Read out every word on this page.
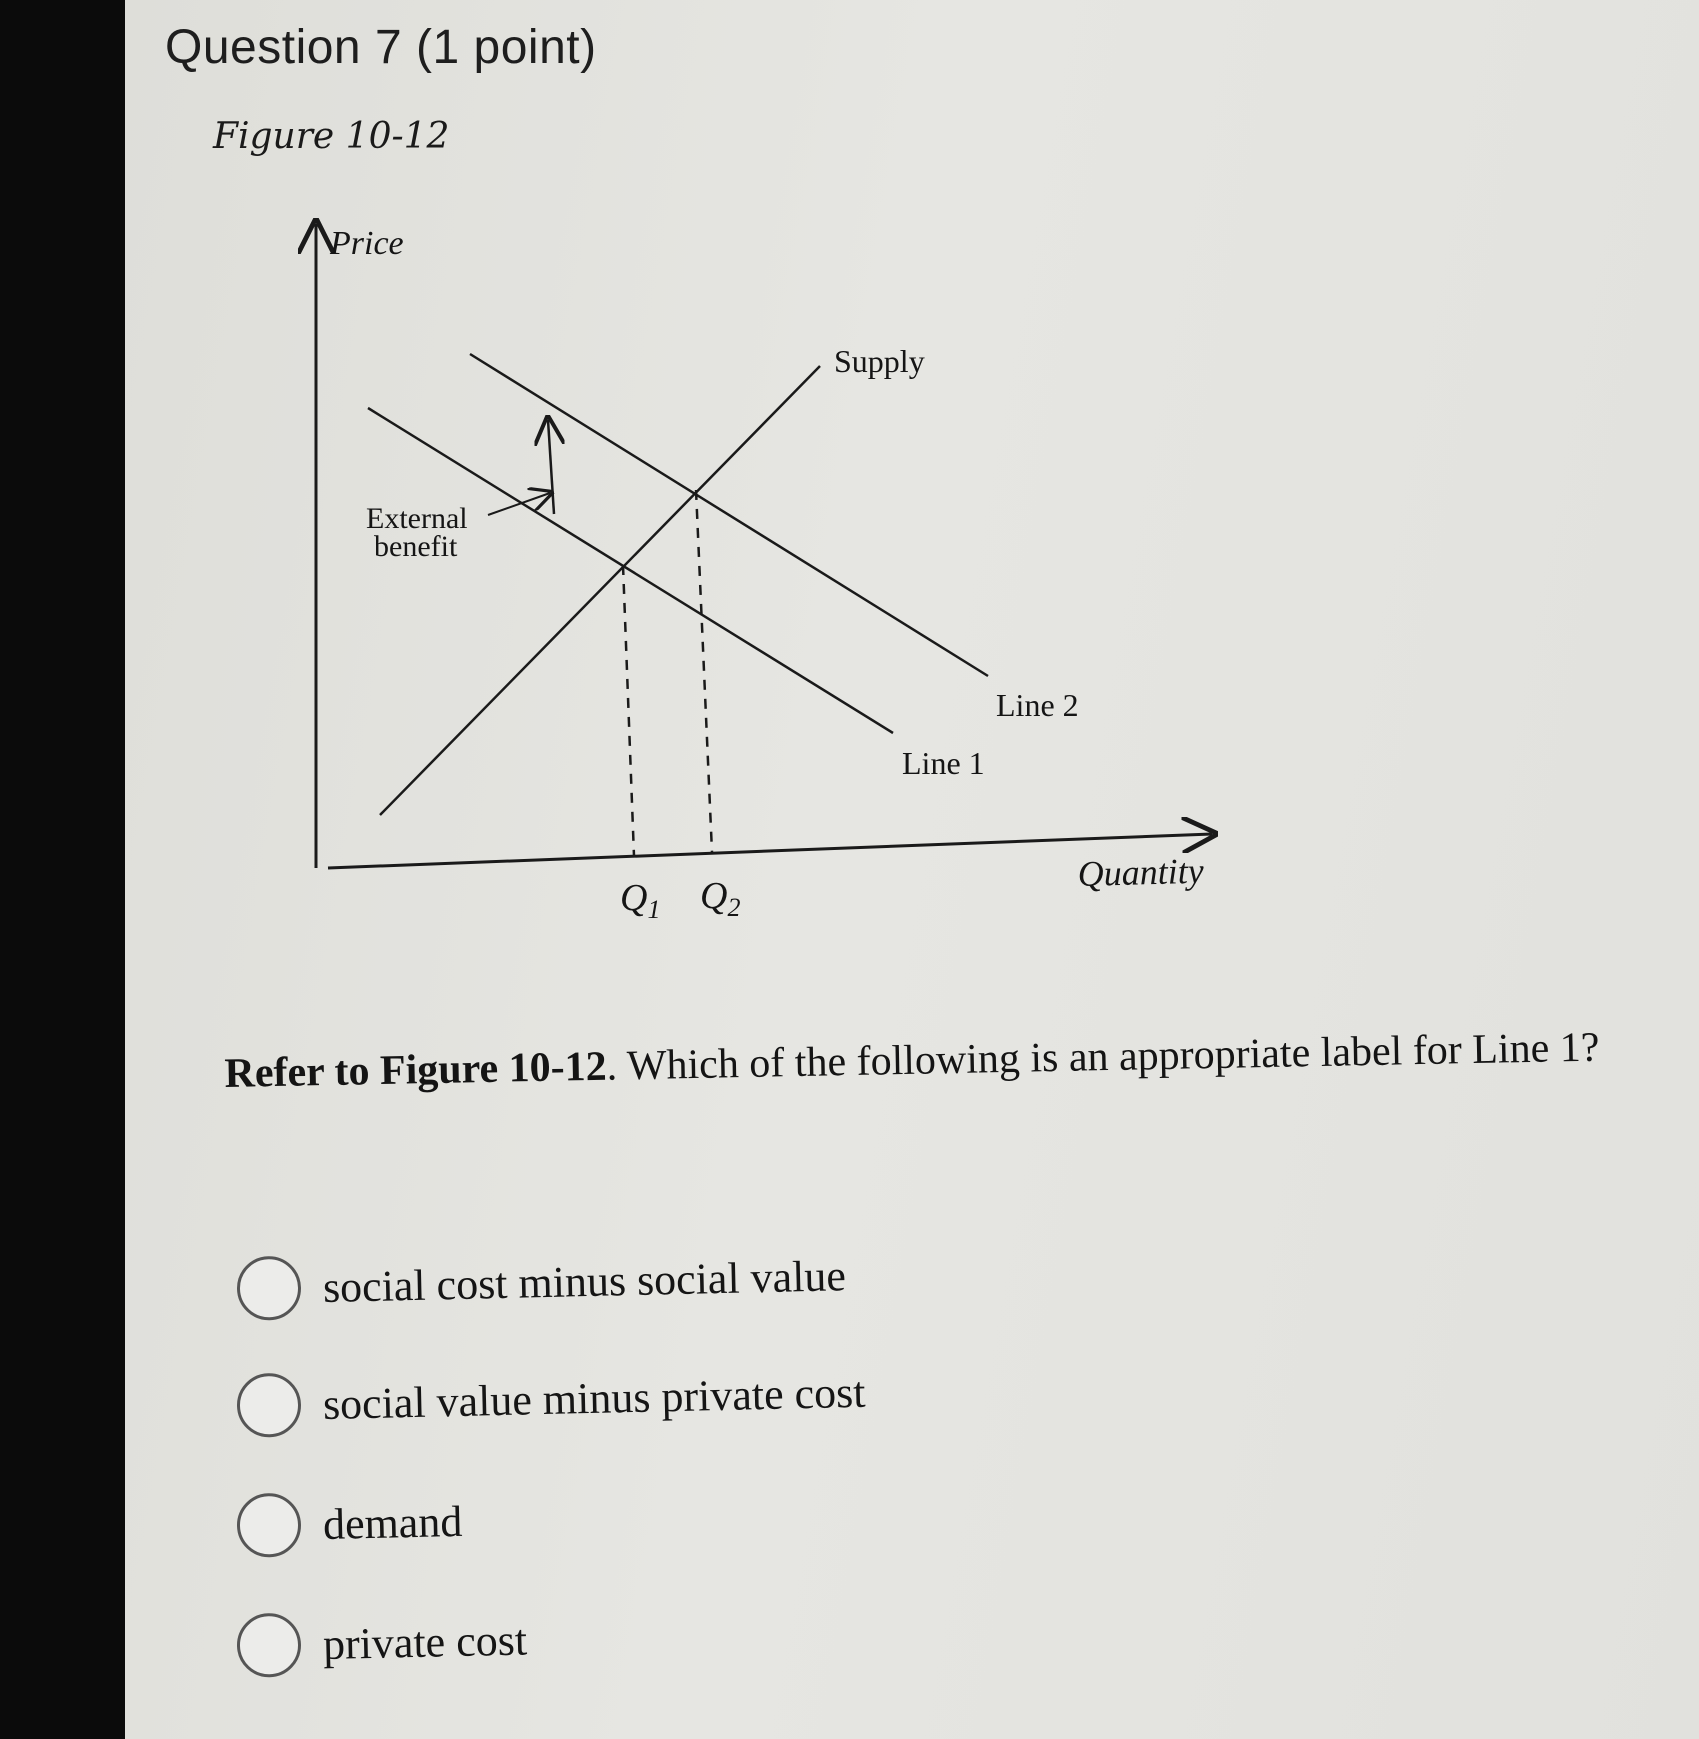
Question 7 (1 point)
Figure 10-12
Price
Quantity
Supply
Line 1
Line 2
$Q_1$ $Q_2$
External
benefit
Refer to Figure 10-12. Which of the following is an appropriate label for Line 1?
social cost minus social value
social value minus private cost
demand
private cost
